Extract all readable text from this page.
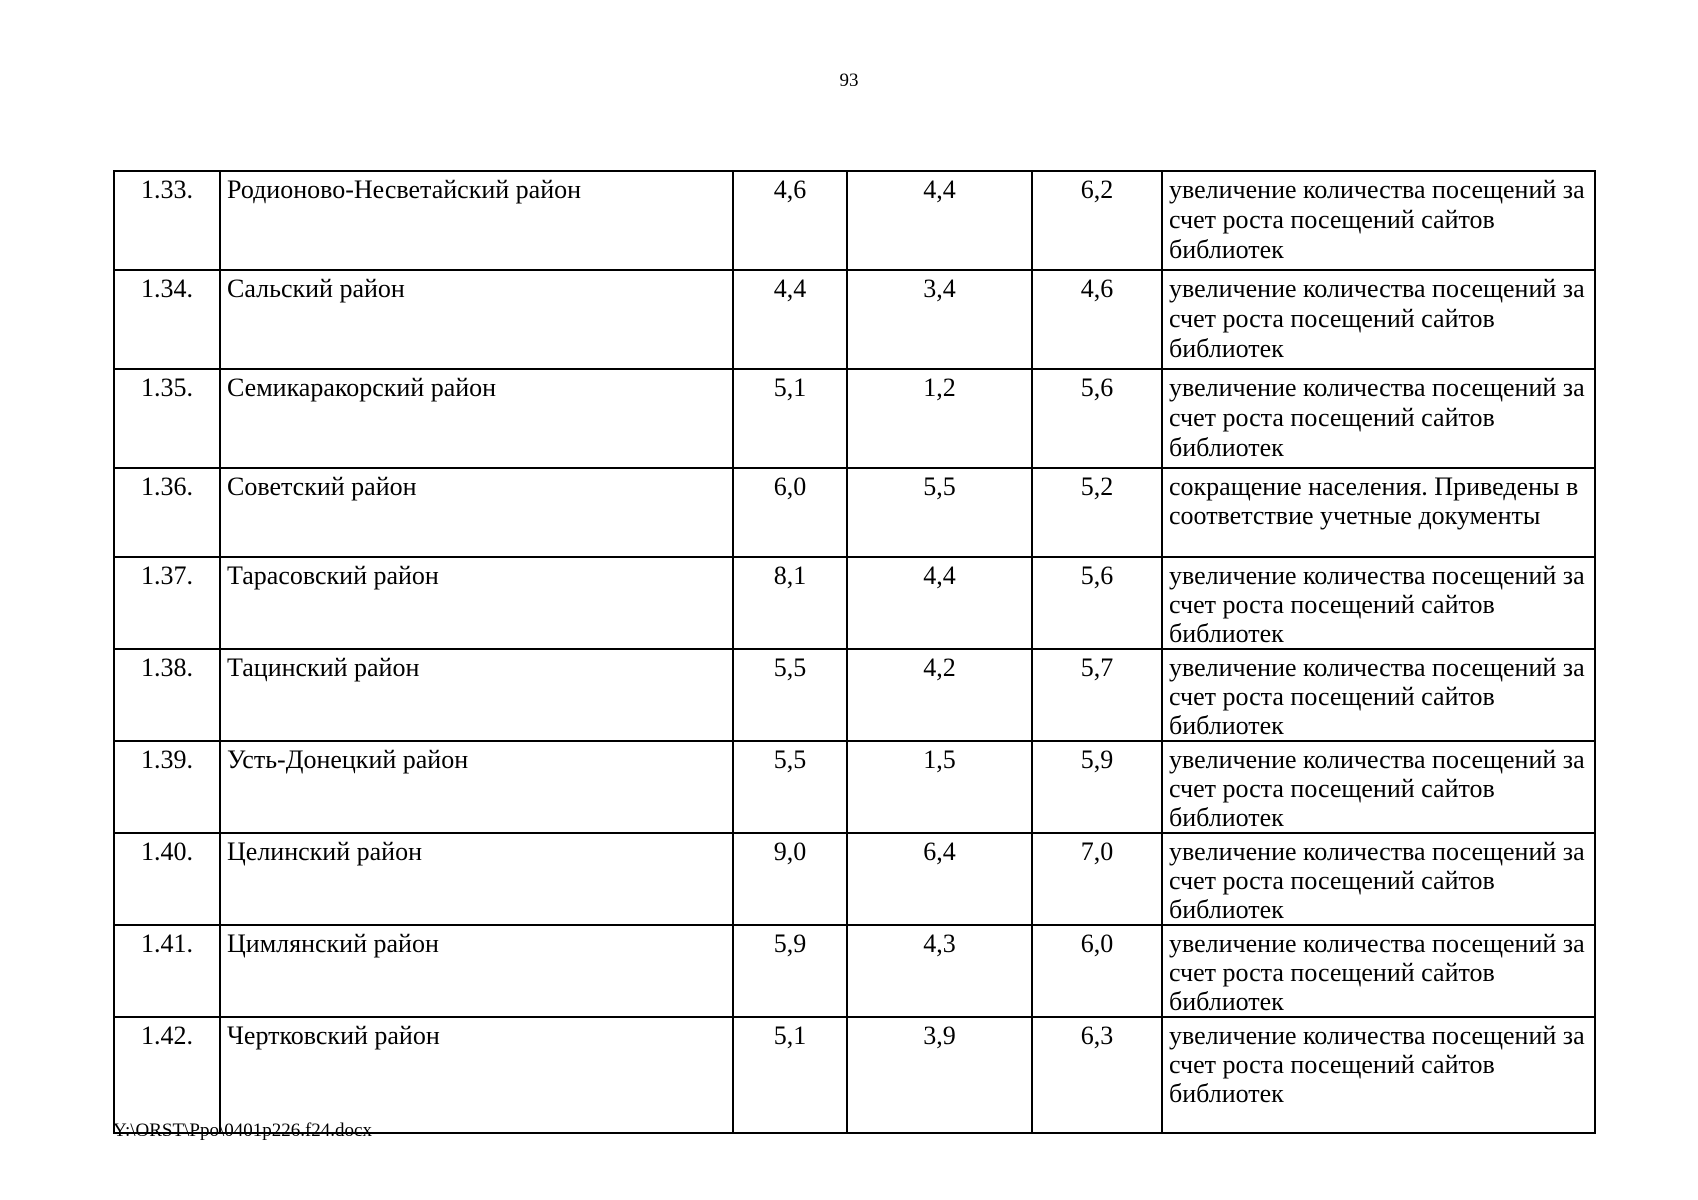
93
1.33.	Родионово-Несветайский район	4,6	4,4	6,2	увеличение количества посещений за счет роста посещений сайтов библиотек
1.34.	Сальский район	4,4	3,4	4,6	увеличение количества посещений за счет роста посещений сайтов библиотек
1.35.	Семикаракорский район	5,1	1,2	5,6	увеличение количества посещений за счет роста посещений сайтов библиотек
1.36.	Советский район	6,0	5,5	5,2	сокращение населения. Приведены в соответствие учетные документы
1.37.	Тарасовский район	8,1	4,4	5,6	увеличение количества посещений за счет роста посещений сайтов библиотек
1.38.	Тацинский район	5,5	4,2	5,7	увеличение количества посещений за счет роста посещений сайтов библиотек
1.39.	Усть-Донецкий район	5,5	1,5	5,9	увеличение количества посещений за счет роста посещений сайтов библиотек
1.40.	Целинский район	9,0	6,4	7,0	увеличение количества посещений за счет роста посещений сайтов библиотек
1.41.	Цимлянский район	5,9	4,3	6,0	увеличение количества посещений за счет роста посещений сайтов библиотек
1.42.	Чертковский район	5,1	3,9	6,3	увеличение количества посещений за счет роста посещений сайтов библиотек
Y:\ORST\Ppo\0401p226.f24.docx
